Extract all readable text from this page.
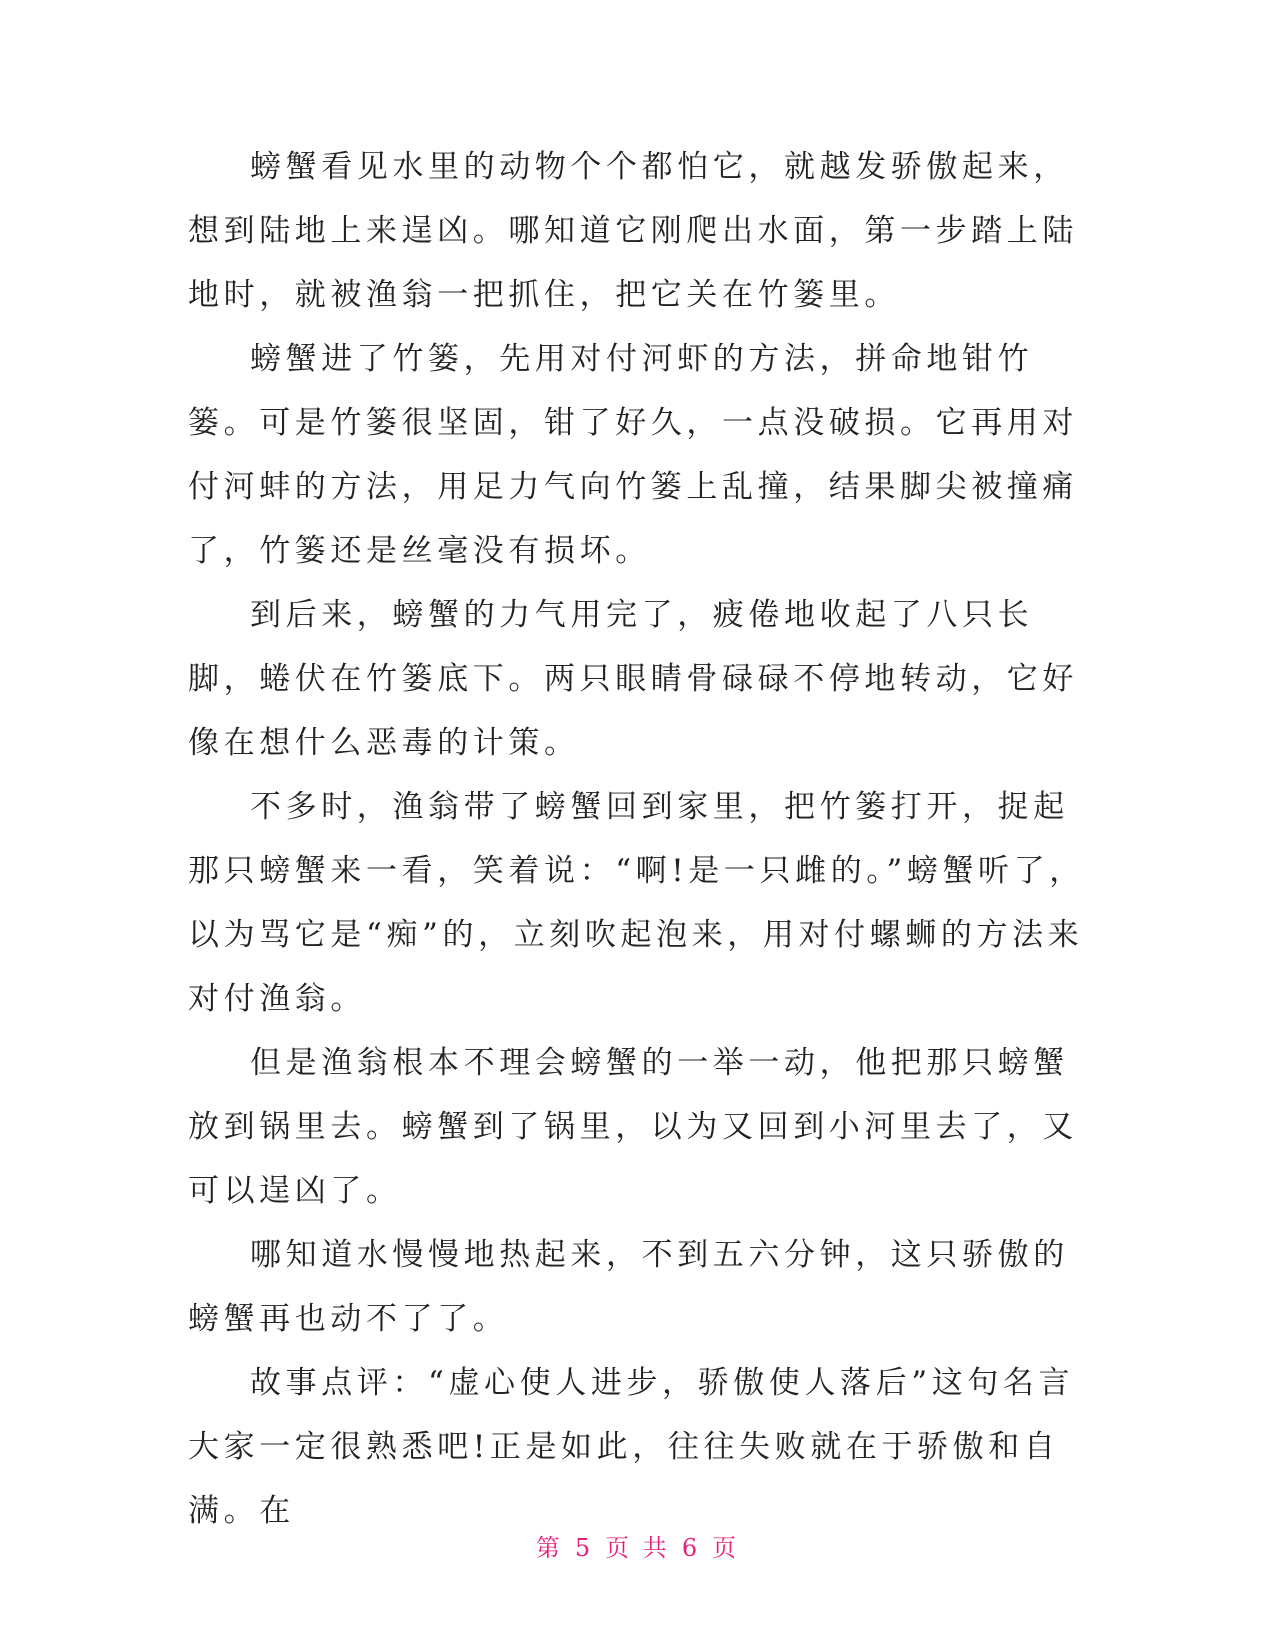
螃蟹看见水里的动物个个都怕它，就越发骄傲起来，想到陆地上来逞凶。哪知道它刚爬出水面，第一步踏上陆地时，就被渔翁一把抓住，把它关在竹篓里。

螃蟹进了竹篓，先用对付河虾的方法，拼命地钳竹篓。可是竹篓很坚固，钳了好久，一点没破损。它再用对付河蚌的方法，用足力气向竹篓上乱撞，结果脚尖被撞痛了，竹篓还是丝毫没有损坏。

到后来，螃蟹的力气用完了，疲倦地收起了八只长脚，蜷伏在竹篓底下。两只眼睛骨碌碌不停地转动，它好像在想什么恶毒的计策。

不多时，渔翁带了螃蟹回到家里，把竹篓打开，捉起那只螃蟹来一看，笑着说：“啊!是一只雌的。”螃蟹听了，以为骂它是“痴”的，立刻吹起泡来，用对付螺蛳的方法来对付渔翁。

但是渔翁根本不理会螃蟹的一举一动，他把那只螃蟹放到锅里去。螃蟹到了锅里，以为又回到小河里去了，又可以逞凶了。

哪知道水慢慢地热起来，不到五六分钟，这只骄傲的螃蟹再也动不了了。

故事点评：“虚心使人进步，骄傲使人落后”这句名言大家一定很熟悉吧!正是如此，往往失败就在于骄傲和自满。在

第 5 页 共 6 页
